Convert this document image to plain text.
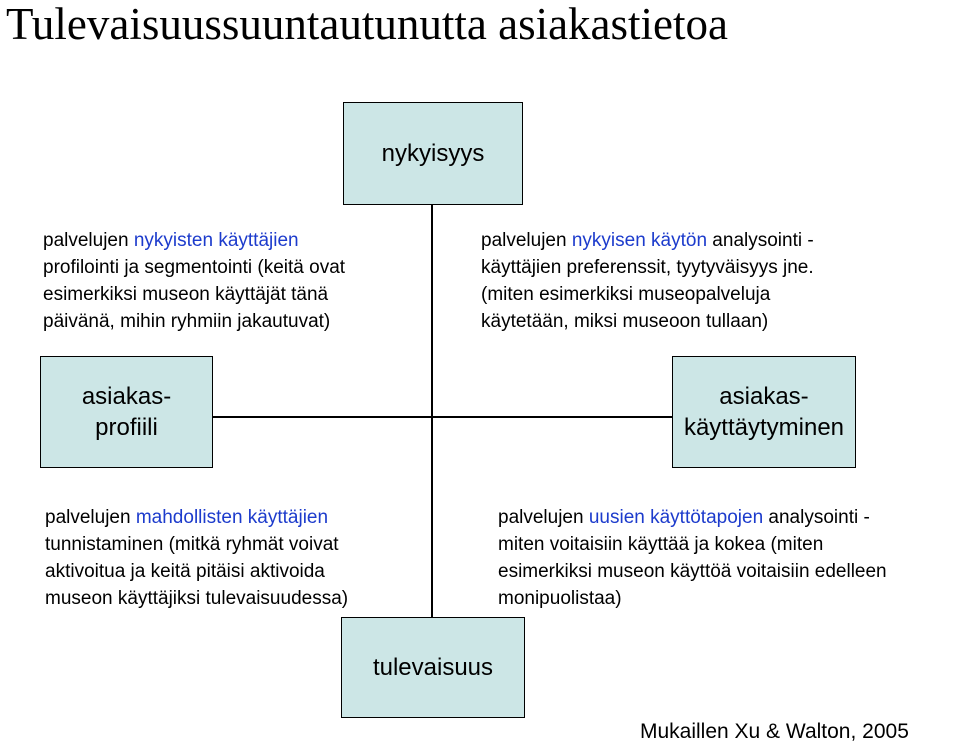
Tulevaisuussuuntautunutta asiakastietoa
nykyisyys
asiakas-
profiili
asiakas-
käyttäytyminen
tulevaisuus
palvelujen nykyisten käyttäjien
profilointi ja segmentointi (keitä ovat
esimerkiksi museon käyttäjät tänä
päivänä, mihin ryhmiin jakautuvat)
palvelujen nykyisen käytön analysointi -
käyttäjien preferenssit, tyytyväisyys jne.
(miten esimerkiksi museopalveluja
käytetään, miksi museoon tullaan)
palvelujen mahdollisten käyttäjien
tunnistaminen (mitkä ryhmät voivat
aktivoitua ja keitä pitäisi aktivoida
museon käyttäjiksi tulevaisuudessa)
palvelujen uusien käyttötapojen analysointi -
miten voitaisiin käyttää ja kokea (miten
esimerkiksi museon käyttöä voitaisiin edelleen
monipuolistaa)
Mukaillen Xu & Walton, 2005
